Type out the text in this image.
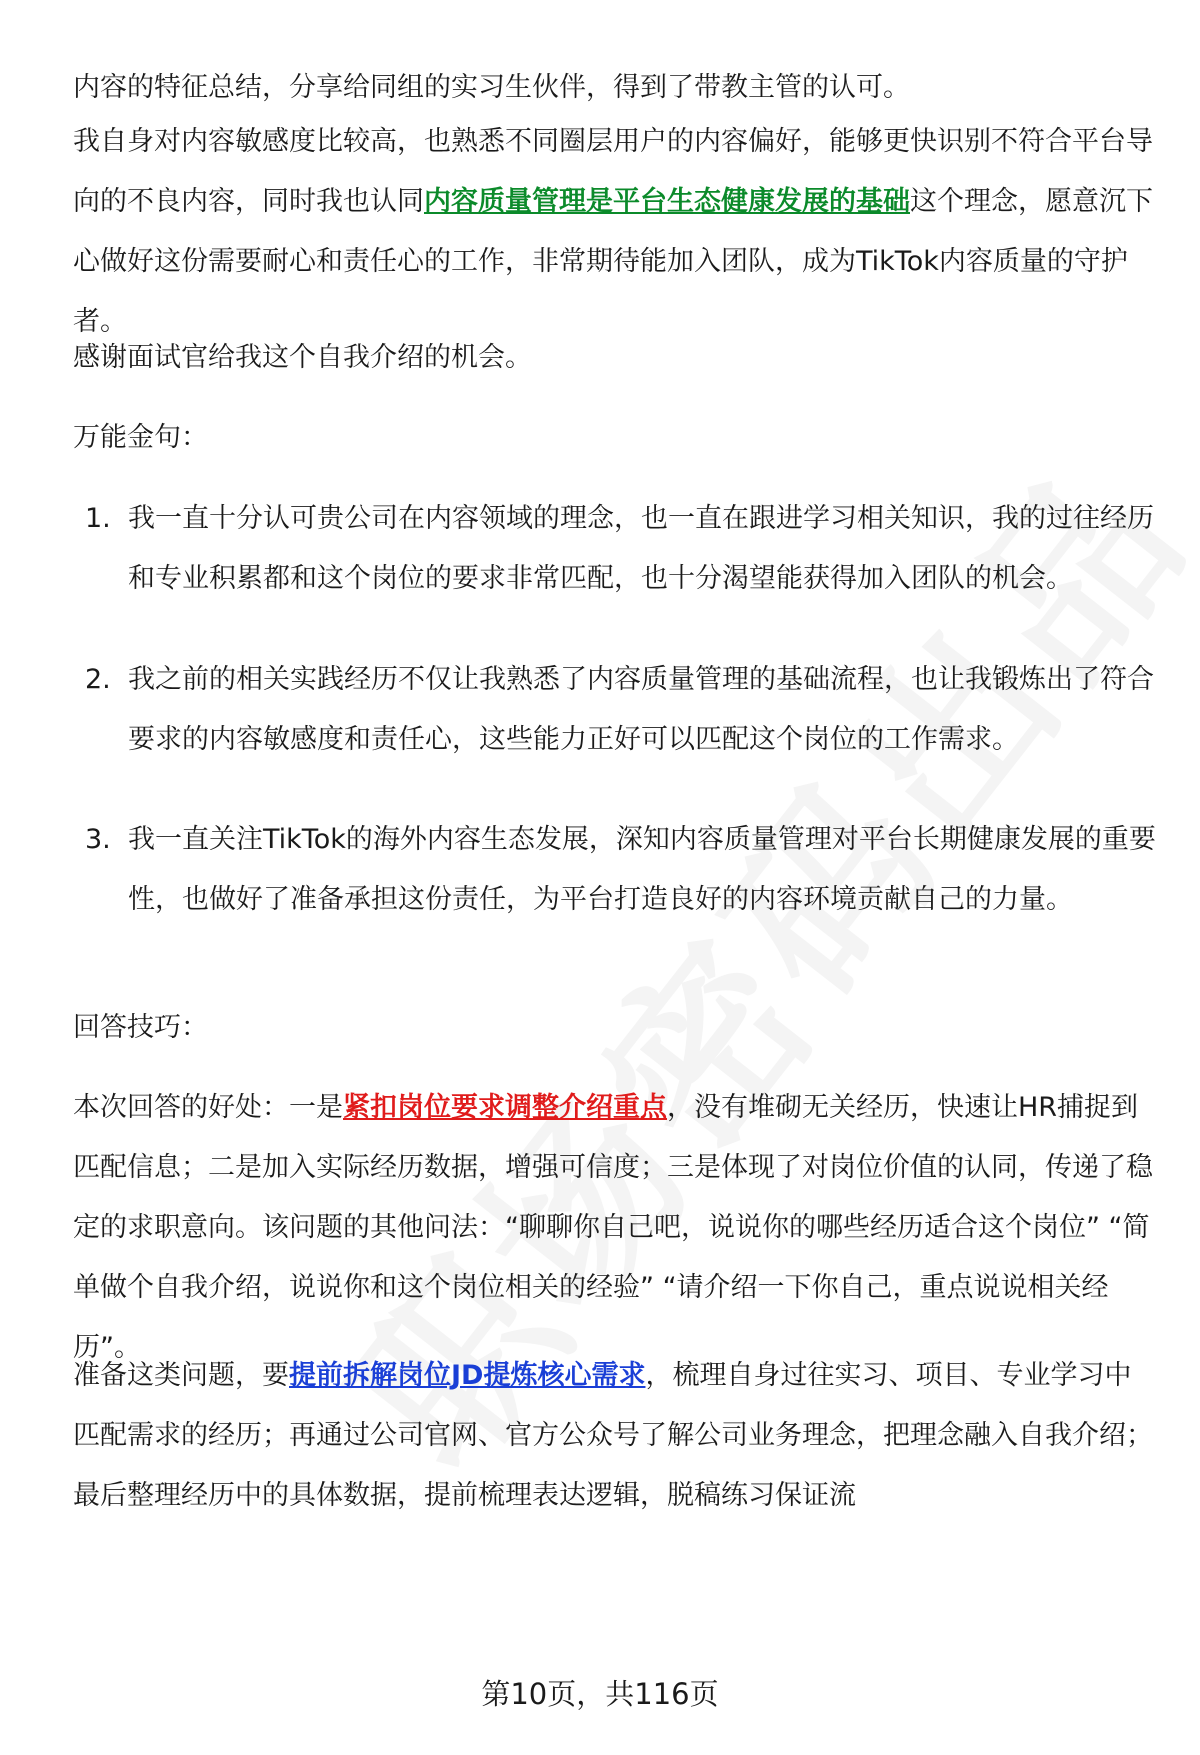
内容的特征总结，分享给同组的实习生伙伴，得到了带教主管的认可。

我自身对内容敏感度比较高，也熟悉不同圈层用户的内容偏好，能够更快识别不符合平台导向的不良内容，同时我也认同内容质量管理是平台生态健康发展的基础这个理念，愿意沉下心做好这份需要耐心和责任心的工作，非常期待能加入团队，成为TikTok内容质量的守护者。

感谢面试官给我这个自我介绍的机会。

万能金句：

1. 我一直十分认可贵公司在内容领域的理念，也一直在跟进学习相关知识，我的过往经历和专业积累都和这个岗位的要求非常匹配，也十分渴望能获得加入团队的机会。

2. 我之前的相关实践经历不仅让我熟悉了内容质量管理的基础流程，也让我锻炼出了符合要求的内容敏感度和责任心，这些能力正好可以匹配这个岗位的工作需求。

3. 我一直关注TikTok的海外内容生态发展，深知内容质量管理对平台长期健康发展的重要性，也做好了准备承担这份责任，为平台打造良好的内容环境贡献自己的力量。

回答技巧：

本次回答的好处：一是紧扣岗位要求调整介绍重点，没有堆砌无关经历，快速让HR捕捉到匹配信息；二是加入实际经历数据，增强可信度；三是体现了对岗位价值的认同，传递了稳定的求职意向。该问题的其他问法：“聊聊你自己吧，说说你的哪些经历适合这个岗位” “简单做个自我介绍，说说你和这个岗位相关的经验” “请介绍一下你自己，重点说说相关经历”。

准备这类问题，要提前拆解岗位JD提炼核心需求，梳理自身过往实习、项目、专业学习中匹配需求的经历；再通过公司官网、官方公众号了解公司业务理念，把理念融入自我介绍；最后整理经历中的具体数据，提前梳理表达逻辑，脱稿练习保证流

第10页，共116页
